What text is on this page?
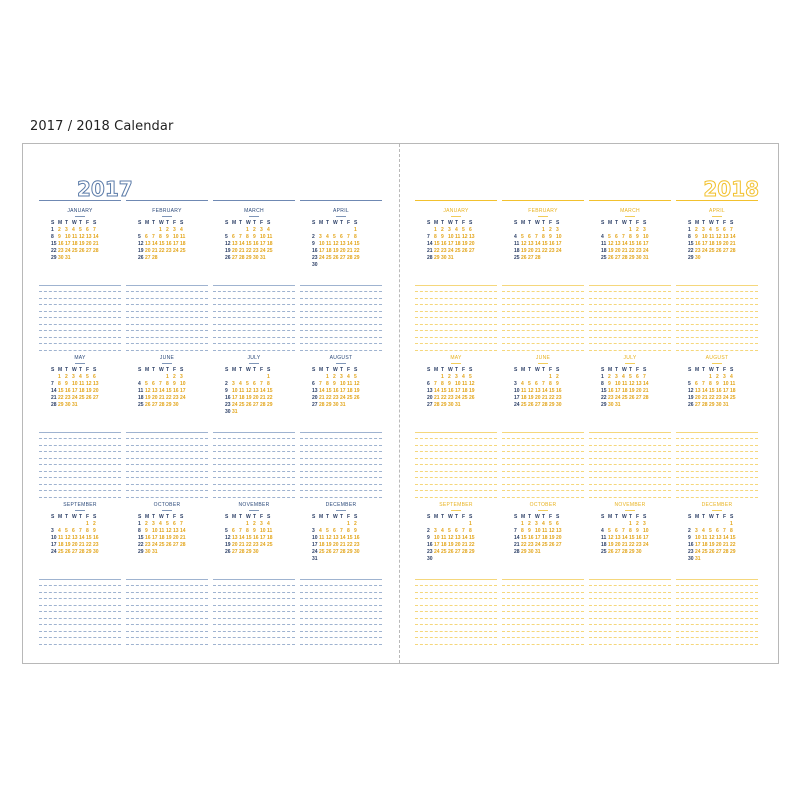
2017 / 2018 Calendar
2017
JANUARY
S M T W T F S
1 2 3 4 5 6 7
8 9 10 11 12 13 14
15 16 17 18 19 20 21
22 23 24 25 26 27 28
29 30 31
FEBRUARY
S M T W T F S
1 2 3 4
5 6 7 8 9 10 11
12 13 14 15 16 17 18
19 20 21 22 23 24 25
26 27 28
MARCH
S M T W T F S
1 2 3 4
5 6 7 8 9 10 11
12 13 14 15 16 17 18
19 20 21 22 23 24 25
26 27 28 29 30 31
APRIL
S M T W T F S
1
2 3 4 5 6 7 8
9 10 11 12 13 14 15
16 17 18 19 20 21 22
23 24 25 26 27 28 29
30
MAY
S M T W T F S
1 2 3 4 5 6
7 8 9 10 11 12 13
14 15 16 17 18 19 20
21 22 23 24 25 26 27
28 29 30 31
JUNE
S M T W T F S
1 2 3
4 5 6 7 8 9 10
11 12 13 14 15 16 17
18 19 20 21 22 23 24
25 26 27 28 29 30
JULY
S M T W T F S
1
2 3 4 5 6 7 8
9 10 11 12 13 14 15
16 17 18 19 20 21 22
23 24 25 26 27 28 29
30 31
AUGUST
S M T W T F S
1 2 3 4 5
6 7 8 9 10 11 12
13 14 15 16 17 18 19
20 21 22 23 24 25 26
27 28 29 30 31
SEPTEMBER
S M T W T F S
1 2
3 4 5 6 7 8 9
10 11 12 13 14 15 16
17 18 19 20 21 22 23
24 25 26 27 28 29 30
OCTOBER
S M T W T F S
1 2 3 4 5 6 7
8 9 10 11 12 13 14
15 16 17 18 19 20 21
22 23 24 25 26 27 28
29 30 31
NOVEMBER
S M T W T F S
1 2 3 4
5 6 7 8 9 10 11
12 13 14 15 16 17 18
19 20 21 22 23 24 25
26 27 28 29 30
DECEMBER
S M T W T F S
1 2
3 4 5 6 7 8 9
10 11 12 13 14 15 16
17 18 19 20 21 22 23
24 25 26 27 28 29 30
31
2018
JANUARY
S M T W T F S
1 2 3 4 5 6
7 8 9 10 11 12 13
14 15 16 17 18 19 20
21 22 23 24 25 26 27
28 29 30 31
FEBRUARY
S M T W T F S
1 2 3
4 5 6 7 8 9 10
11 12 13 14 15 16 17
18 19 20 21 22 23 24
25 26 27 28
MARCH
S M T W T F S
1 2 3
4 5 6 7 8 9 10
11 12 13 14 15 16 17
18 19 20 21 22 23 24
25 26 27 28 29 30 31
APRIL
S M T W T F S
1 2 3 4 5 6 7
8 9 10 11 12 13 14
15 16 17 18 19 20 21
22 23 24 25 26 27 28
29 30
MAY
S M T W T F S
1 2 3 4 5
6 7 8 9 10 11 12
13 14 15 16 17 18 19
20 21 22 23 24 25 26
27 28 29 30 31
JUNE
S M T W T F S
1 2
3 4 5 6 7 8 9
10 11 12 13 14 15 16
17 18 19 20 21 22 23
24 25 26 27 28 29 30
JULY
S M T W T F S
1 2 3 4 5 6 7
8 9 10 11 12 13 14
15 16 17 18 19 20 21
22 23 24 25 26 27 28
29 30 31
AUGUST
S M T W T F S
1 2 3 4
5 6 7 8 9 10 11
12 13 14 15 16 17 18
19 20 21 22 23 24 25
26 27 28 29 30 31
SEPTEMBER
S M T W T F S
1
2 3 4 5 6 7 8
9 10 11 12 13 14 15
16 17 18 19 20 21 22
23 24 25 26 27 28 29
30
OCTOBER
S M T W T F S
1 2 3 4 5 6
7 8 9 10 11 12 13
14 15 16 17 18 19 20
21 22 23 24 25 26 27
28 29 30 31
NOVEMBER
S M T W T F S
1 2 3
4 5 6 7 8 9 10
11 12 13 14 15 16 17
18 19 20 21 22 23 24
25 26 27 28 29 30
DECEMBER
S M T W T F S
1
2 3 4 5 6 7 8
9 10 11 12 13 14 15
16 17 18 19 20 21 22
23 24 25 26 27 28 29
30 31
